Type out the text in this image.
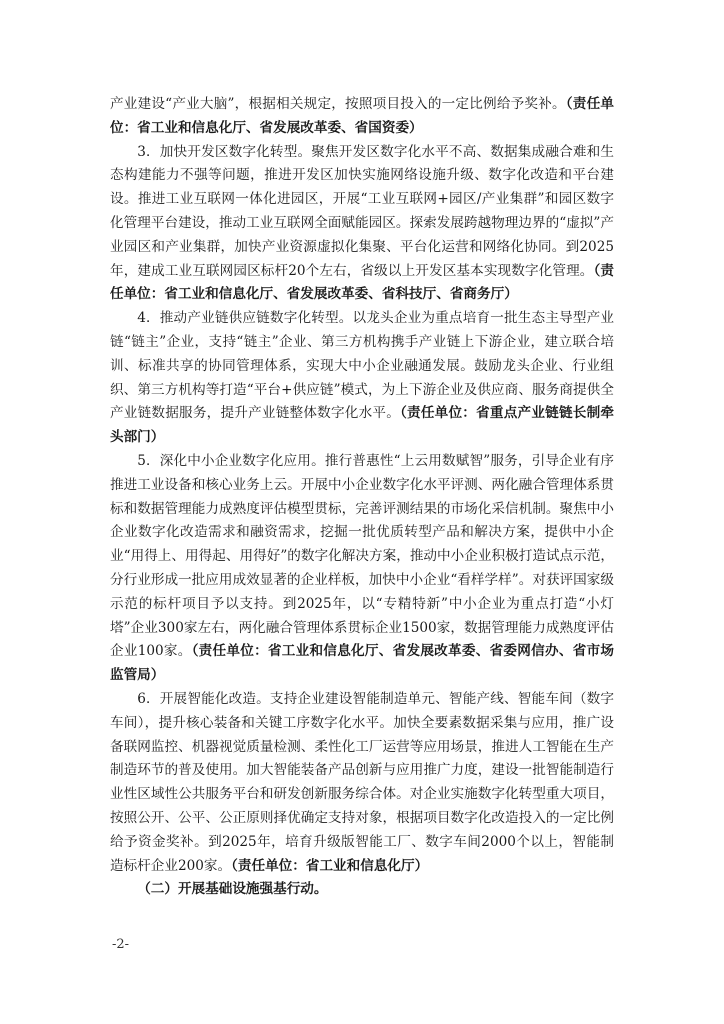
产业建设“产业大脑”，根据相关规定，按照项目投入的一定比例给予奖补。（责任单位：省工业和信息化厅、省发展改革委、省国资委）

3．加快开发区数字化转型。聚焦开发区数字化水平不高、数据集成融合难和生态构建能力不强等问题，推进开发区加快实施网络设施升级、数字化改造和平台建设。推进工业互联网一体化进园区，开展“工业互联网+园区/产业集群”和园区数字化管理平台建设，推动工业互联网全面赋能园区。探索发展跨越物理边界的“虚拟”产业园区和产业集群，加快产业资源虚拟化集聚、平台化运营和网络化协同。到2025年，建成工业互联网园区标杆20个左右，省级以上开发区基本实现数字化管理。（责任单位：省工业和信息化厅、省发展改革委、省科技厅、省商务厅）

4．推动产业链供应链数字化转型。以龙头企业为重点培育一批生态主导型产业链“链主”企业，支持“链主”企业、第三方机构携手产业链上下游企业，建立联合培训、标准共享的协同管理体系，实现大中小企业融通发展。鼓励龙头企业、行业组织、第三方机构等打造“平台+供应链”模式，为上下游企业及供应商、服务商提供全产业链数据服务，提升产业链整体数字化水平。（责任单位：省重点产业链链长制牵头部门）

5．深化中小企业数字化应用。推行普惠性“上云用数赋智”服务，引导企业有序推进工业设备和核心业务上云。开展中小企业数字化水平评测、两化融合管理体系贯标和数据管理能力成熟度评估模型贯标，完善评测结果的市场化采信机制。聚焦中小企业数字化改造需求和融资需求，挖掘一批优质转型产品和解决方案，提供中小企业“用得上、用得起、用得好”的数字化解决方案，推动中小企业积极打造试点示范，分行业形成一批应用成效显著的企业样板，加快中小企业“看样学样”。对获评国家级示范的标杆项目予以支持。到2025年，以“专精特新”中小企业为重点打造“小灯塔”企业300家左右，两化融合管理体系贯标企业1500家，数据管理能力成熟度评估企业100家。（责任单位：省工业和信息化厅、省发展改革委、省委网信办、省市场监管局）

6．开展智能化改造。支持企业建设智能制造单元、智能产线、智能车间（数字车间），提升核心装备和关键工序数字化水平。加快全要素数据采集与应用，推广设备联网监控、机器视觉质量检测、柔性化工厂运营等应用场景，推进人工智能在生产制造环节的普及使用。加大智能装备产品创新与应用推广力度，建设一批智能制造行业性区域性公共服务平台和研发创新服务综合体。对企业实施数字化转型重大项目，按照公开、公平、公正原则择优确定支持对象，根据项目数字化改造投入的一定比例给予资金奖补。到2025年，培育升级版智能工厂、数字车间2000个以上，智能制造标杆企业200家。（责任单位：省工业和信息化厅）

（二）开展基础设施强基行动。

-2-
